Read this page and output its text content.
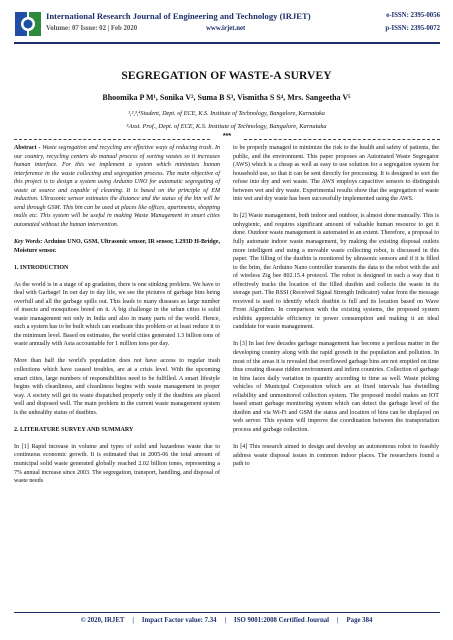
International Research Journal of Engineering and Technology (IRJET)
Volume: 07 Issue: 02 | Feb 2020	www.irjet.net
e-ISSN: 2395-0056
p-ISSN: 2395-0072
SEGREGATION OF WASTE-A SURVEY
Bhoomika P M¹, Sonika V², Suma B S³, Vismitha S S⁴, Mrs. Sangeetha V⁵
¹,²,³,⁴Student, Dept. of ECE, K.S. Institute of Technology, Bangalore, Karnataka
⁵Asst. Prof., Dept. of ECE, K.S. Institute of Technology, Bangalore, Karnataka
***

Abstract - Waste segregation and recycling are effective ways of reducing trash. In our country, recycling centers do manual process of sorting wastes so it increases human interface. For this we implement a system which minimizes human interference in the waste collecting and segregation process. The main objective of this project is to design a system using Arduino UNO for automatic segregating of waste at source and capable of cleaning. It is based on the principle of EM induction. Ultrasonic sensor estimates the distance and the status of the bin will be send through GSM. This bin can be used at places like offices, apartments, shopping malls etc. This system will be useful in making Waste Management in smart cities automated without the human intervention.

Key Words: Arduino UNO, GSM, Ultrasonic sensor, IR sensor, L293D H-Bridge, Moisture sensor.

1. INTRODUCTION

As the world is in a stage of up gradation, there is one stinking problem. We have to deal with Garbage! In our day to day life, we see the pictures of garbage bins being overfull and all the garbage spills out. This leads to many diseases as large number of insects and mosquitoes breed on it. A big challenge in the urban cities is solid waste management not only in India and also in many parts of the world. Hence, such a system has to be built which can eradicate this problem or at least reduce it to the minimum level. Based on estimates, the world cities generated 1.3 billion tons of waste annually with Asia accountable for 1 million tons per day.

More than half the world's population does not have access to regular trash collections which have caused troubles, are at a crisis level. With the upcoming smart cities, large numbers of responsibilities need to be fulfilled. A smart lifestyle begins with cleanliness, and cleanliness begins with waste management in proper way. A society will get its waste dispatched properly only if the dustbins are placed well and disposed well. The main problem in the current waste management system is the unhealthy status of dustbins.

2. LITERATURE SURVEY AND SUMMARY

In [1] Rapid increase in volume and types of solid and hazardous waste due to continuous economic growth. It is estimated that in 2005-06 the total amount of municipal solid waste generated globally reached 2.02 billion tones, representing a 7% annual increase since 2003. The segregation, transport, handling, and disposal of waste needs

to be properly managed to minimize the risk to the health and safety of patients, the public, and the environment. This paper proposes an Automated Waste Segregator (AWS) which is a cheap as well as easy to use solution for a segregation system for household use, so that it can be sent directly for processing. It is designed to sort the refuse into dry and wet waste. The AWS employs capacitive sensors to distinguish between wet and dry waste. Experimental results show that the segregation of waste into wet and dry waste has been successfully implemented using the AWS.

In [2] Waste management, both indoor and outdoor, is almost done manually. This is unhygienic, and requires significant amount of valuable human resource to get it done. Outdoor waste management is automated to an extent. Therefore, a proposal to fully automate indoor waste management, by making the existing disposal outlets more intelligent and using a movable waste collecting robot, is discussed in this paper. The filling of the dustbin is monitored by ultrasonic sensors and if it is filled to the brim, the Arduino Nano controller transmits the data to the robot with the aid of wireless Zig bee 802.15.4 protocol. The robot is designed in such a way that it effectively tracks the location of the filled dustbin and collects the waste in its storage part. The RSSI (Received Signal Strength Indicator) value from the message received is used to identify which dustbin is full and its location based on Wave Front Algorithm. In comparison with the existing systems, the proposed system exhibits appreciable efficiency in power consumption and making it an ideal candidate for waste management.

In [3] In last few decades garbage management has become a perilous matter in the developing country along with the rapid growth in the population and pollution. In most of the areas it is revealed that overflowed garbage bins are not emptied on time thus creating disease ridden environment and infirm countries. Collection of garbage in bins faces daily variation in quantity according to time as well. Waste picking vehicles of Municipal Corporation which are at fixed intervals has dwindling reliability and unmonitored collection system. The proposed model makes an IOT based smart garbage monitoring system which can detect the garbage level of the dustbin and via Wi-Fi and GSM the status and location of bins can be displayed on web server. This system will improve the coordination between the transportation process and garbage collection.

In [4] This research aimed to design and develop an autonomous robot to feasibly address waste disposal issues in common indoor places. The researchers found a path to

© 2020, IRJET | Impact Factor value: 7.34 | ISO 9001:2008 Certified Journal | Page 384
